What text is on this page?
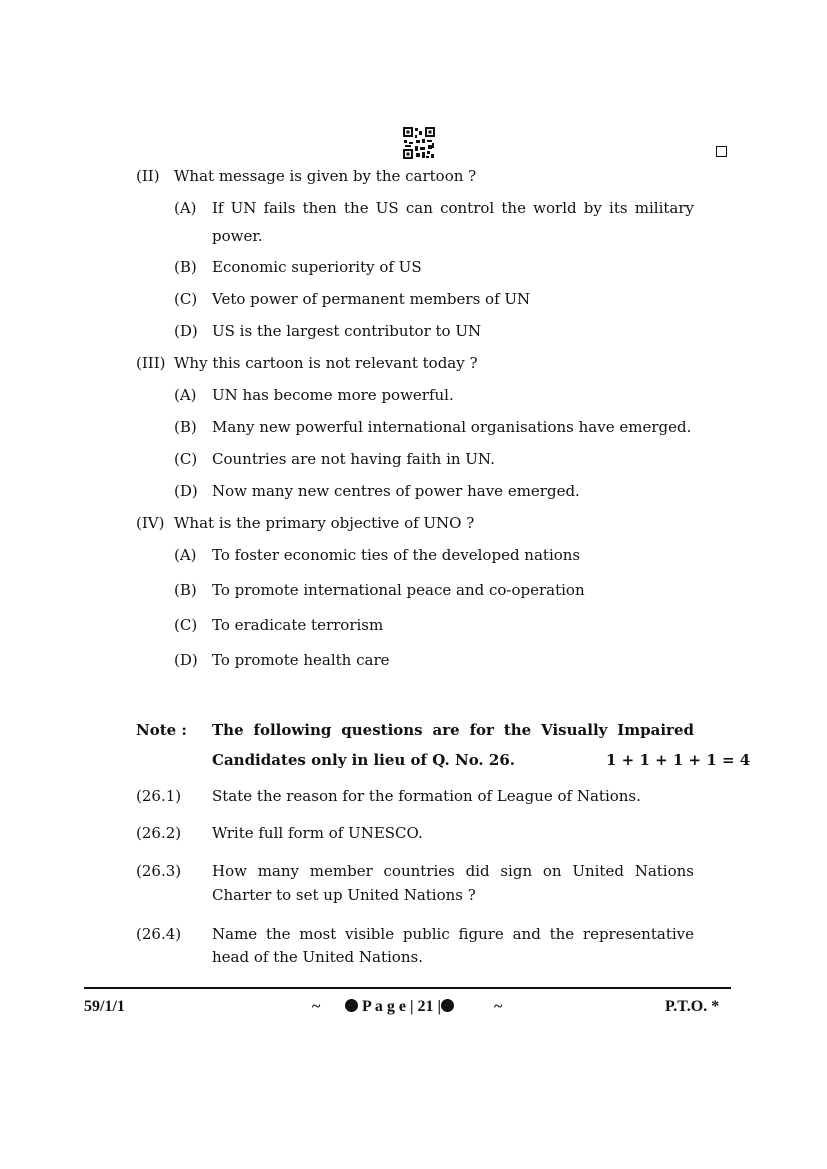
(II) What message is given by the cartoon ?
(A) If UN fails then the US can control the world by its military
power.
(B) Economic superiority of US
(C) Veto power of permanent members of UN
(D) US is the largest contributor to UN
(III) Why this cartoon is not relevant today ?
(A) UN has become more powerful.
(B) Many new powerful international organisations have emerged.
(C) Countries are not having faith in UN.
(D) Now many new centres of power have emerged.
(IV) What is the primary objective of UNO ?
(A) To foster economic ties of the developed nations
(B) To promote international peace and co-operation
(C) To eradicate terrorism
(D) To promote health care
Note : The following questions are for the Visually Impaired
Candidates only in lieu of Q. No. 26.	1 + 1 + 1 + 1 = 4
(26.1) State the reason for the formation of League of Nations.
(26.2) Write full form of UNESCO.
(26.3) How many member countries did sign on United Nations
Charter to set up United Nations ?
(26.4) Name the most visible public figure and the representative
head of the United Nations.
59/1/1	~	P a g e | 21 |	~	P.T.O. *
